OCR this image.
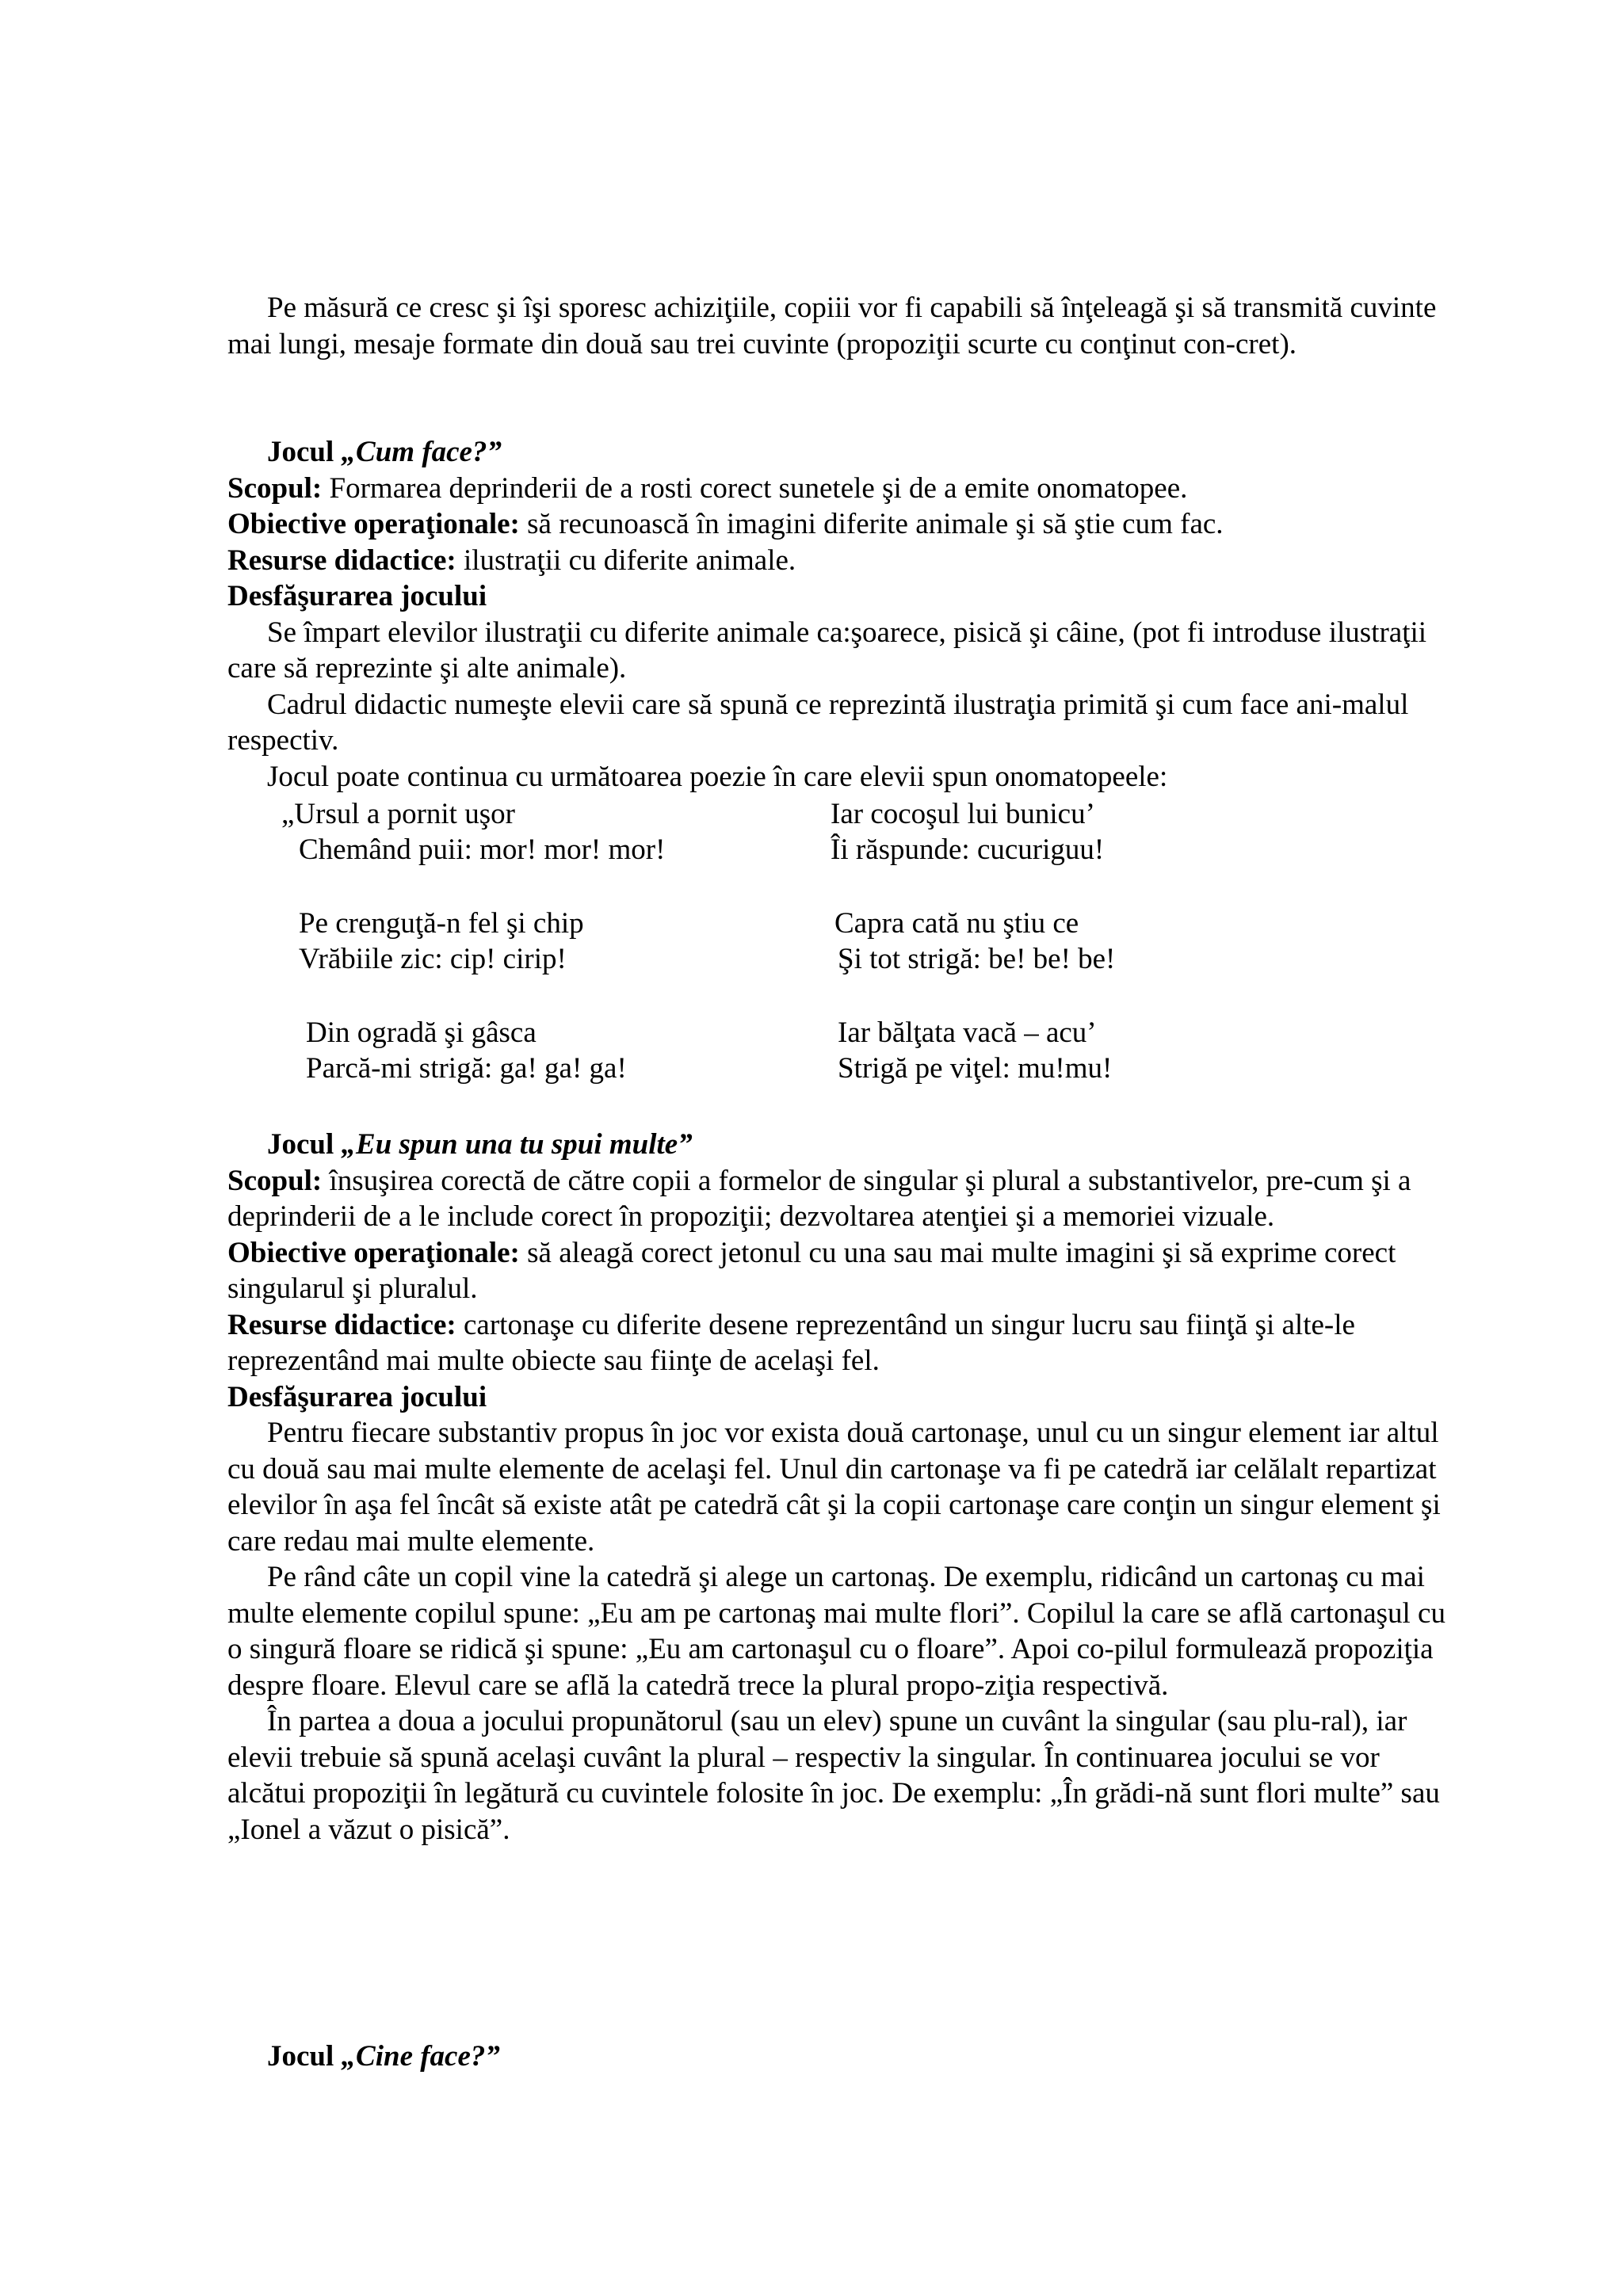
Pe măsură ce cresc şi îşi sporesc achiziţiile, copiii vor fi capabili să înţeleagă şi să transmită cuvinte mai lungi, mesaje formate din două sau trei cuvinte (propoziţii scurte cu conţinut con-cret).

Jocul „Cum face?”

Scopul: Formarea deprinderii de a rosti corect sunetele şi de a emite onomatopee.

Obiective operaţionale: să recunoască în imagini diferite animale şi să ştie cum fac.

Resurse didactice: ilustraţii cu diferite animale.

Desfăşurarea jocului

Se împart elevilor ilustraţii cu diferite animale ca:şoarece, pisică şi câine, (pot fi introduse ilustraţii care să reprezinte şi alte animale).

Cadrul didactic numeşte elevii care să spună ce reprezintă ilustraţia primită şi cum face ani-malul respectiv.

Jocul poate continua cu următoarea poezie în care elevii spun onomatopeele:

„Ursul a pornit uşor
Chemând puii: mor! mor! mor!
Iar cocoşul lui bunicu’
Îi răspunde: cucuriguu!
Pe crenguţă-n fel şi chip
Vrăbiile zic: cip! cirip!
Capra cată nu ştiu ce
Şi tot strigă: be! be! be!
Din ogradă şi gâsca
Parcă-mi strigă: ga! ga! ga!
Iar bălţata vacă – acu’
Strigă pe viţel: mu!mu!

Jocul „Eu spun una tu spui multe”

Scopul: însuşirea corectă de către copii a formelor de singular şi plural a substantivelor, pre-cum şi a deprinderii de a le include corect în propoziţii; dezvoltarea atenţiei şi a memoriei vizuale.

Obiective operaţionale: să aleagă corect jetonul cu una sau mai multe imagini şi să exprime corect singularul şi pluralul.

Resurse didactice: cartonaşe cu diferite desene reprezentând un singur lucru sau fiinţă şi alte-le reprezentând mai multe obiecte sau fiinţe de acelaşi fel.

Desfăşurarea jocului

Pentru fiecare substantiv propus în joc vor exista două cartonaşe, unul cu un singur element iar altul cu două sau mai multe elemente de acelaşi fel. Unul din cartonaşe va fi pe catedră iar celălalt repartizat elevilor în aşa fel încât să existe atât pe catedră cât şi la copii cartonaşe care conţin un singur element şi care redau mai multe elemente.

Pe rând câte un copil vine la catedră şi alege un cartonaş. De exemplu, ridicând un cartonaş cu mai multe elemente copilul spune: „Eu am pe cartonaş mai multe flori”. Copilul la care se află cartonaşul cu o singură floare se ridică şi spune: „Eu am cartonaşul cu o floare”. Apoi co-pilul formulează propoziţia despre floare. Elevul care se află la catedră trece la plural propo-ziţia respectivă.

În partea a doua a jocului propunătorul (sau un elev) spune un cuvânt la singular (sau plu-ral), iar elevii trebuie să spună acelaşi cuvânt la plural – respectiv la singular. În continuarea jocului se vor alcătui propoziţii în legătură cu cuvintele folosite în joc. De exemplu: „În grădi-nă sunt flori multe” sau „Ionel a văzut o pisică”.

Jocul „Cine face?”
